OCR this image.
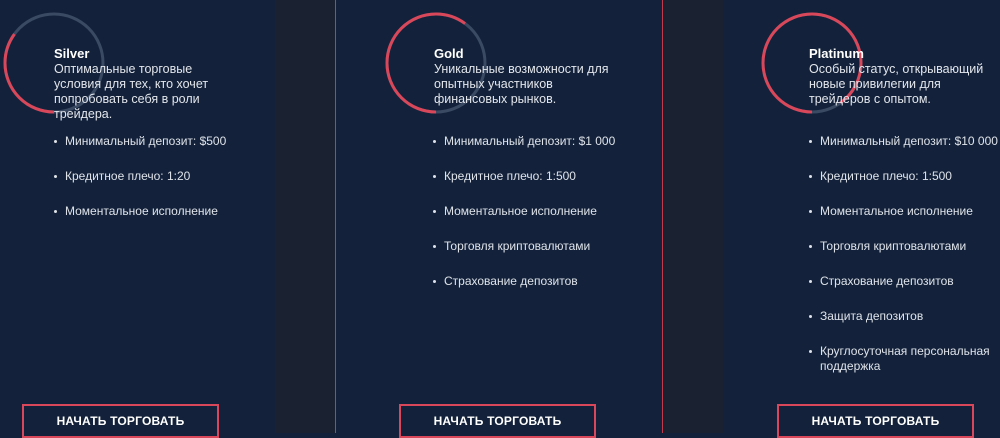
Silver
Оптимальные торговые условия для тех, кто хочет попробовать себя в роли трейдера.
Минимальный депозит: $500
Кредитное плечо: 1:20
Моментальное исполнение
НАЧАТЬ ТОРГОВАТЬ
Gold
Уникальные возможности для опытных участников финансовых рынков.
Минимальный депозит: $1 000
Кредитное плечо: 1:500
Моментальное исполнение
Торговля криптовалютами
Страхование депозитов
НАЧАТЬ ТОРГОВАТЬ
Platinum
Особый статус, открывающий новые привилегии для трейдеров с опытом.
Минимальный депозит: $10 000
Кредитное плечо: 1:500
Моментальное исполнение
Торговля криптовалютами
Страхование депозитов
Защита депозитов
Круглосуточная персональная поддержка
НАЧАТЬ ТОРГОВАТЬ
